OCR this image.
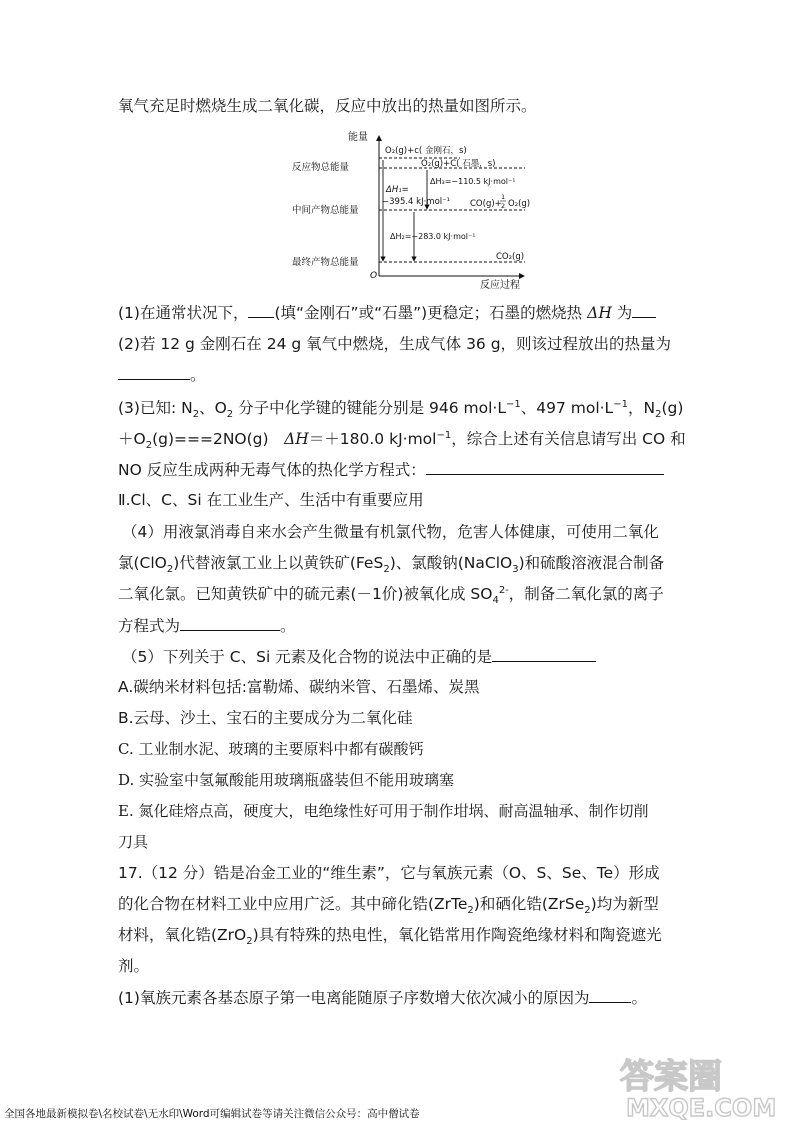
氧气充足时燃烧生成二氧化碳，反应中放出的热量如图所示。
能量
反应过程
O
反应物总能量
中间产物总能量
最终产物总能量
O₂(g)+c( 金刚石，s)
O₂(g)+C( 石墨，s)
CO(g)+
1
2 O₂(g)
CO₂(g)
ΔH₁=
−395.4 kJ·mol⁻¹
ΔH₃=−110.5 kJ·mol⁻¹
ΔH₂=−283.0 kJ·mol⁻¹
(1)在通常状况下， (填“金刚石”或“石墨”)更稳定；石墨的燃烧热 ΔH 为
(2)若 12 g 金刚石在 24 g 氧气中燃烧，生成气体 36 g，则该过程放出的热量为
。
(3)已知: $N_2$、$O_2$ 分子中化学键的键能分别是 946 $mol\cdot L^{-1}$、497 $mol\cdot L^{-1}$，$N_2(g)$
$+O_2(g)===2NO(g)$　ΔH＝＋180.0 kJ·mol$^{-1}$，综合上述有关信息请写出 CO 和
NO 反应生成两种无毒气体的热化学方程式：
Ⅱ.Cl、C、Si 在工业生产、生活中有重要应用
（4）用液氯消毒自来水会产生微量有机氯代物，危害人体健康，可使用二氧化
氯(ClO$_2$)代替液氯工业上以黄铁矿(FeS$_2$)、氯酸钠(NaClO$_3$)和硫酸溶液混合制备
二氧化氯。已知黄铁矿中的硫元素(－1价)被氧化成 $SO_4^{2-}$，制备二氧化氯的离子
方程式为	。
（5）下列关于 C、Si 元素及化合物的说法中正确的是
A.碳纳米材料包括:富勒烯、碳纳米管、石墨烯、炭黑
B.云母、沙土、宝石的主要成分为二氧化硅
C. 工业制水泥、玻璃的主要原料中都有碳酸钙
D. 实验室中氢氟酸能用玻璃瓶盛装但不能用玻璃塞
E. 氮化硅熔点高，硬度大，电绝缘性好可用于制作坩埚、耐高温轴承、制作切削
刀具
17.（12 分）锆是冶金工业的“维生素”，它与氧族元素（O、S、Se、Te）形成
的化合物在材料工业中应用广泛。其中碲化锆(ZrTe$_2$)和硒化锆(ZrSe$_2$)均为新型
材料，氧化锆(ZrO$_2$)具有特殊的热电性，氧化锆常用作陶瓷绝缘材料和陶瓷遮光
剂。
(1)氧族元素各基态原子第一电离能随原子序数增大依次减小的原因为	。
答案圈
MXQE.COM
全国各地最新模拟卷\名校试卷\无水印\Word可编辑试卷等请关注微信公众号：高中僧试卷
